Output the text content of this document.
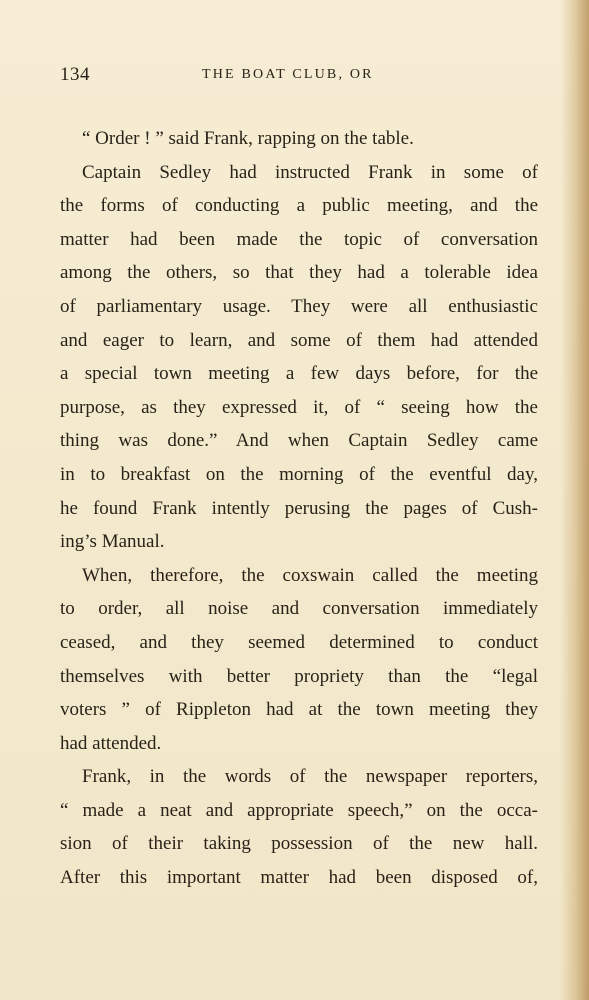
134	THE BOAT CLUB, OR
“ Order ! ” said Frank, rapping on the table.
Captain Sedley had instructed Frank in some of
the forms of conducting a public meeting, and the
matter had been made the topic of conversation
among the others, so that they had a tolerable idea
of parliamentary usage. They were all enthusiastic
and eager to learn, and some of them had attended
a special town meeting a few days before, for the
purpose, as they expressed it, of “ seeing how the
thing was done.” And when Captain Sedley came
in to breakfast on the morning of the eventful day,
he found Frank intently perusing the pages of Cush-
ing’s Manual.
When, therefore, the coxswain called the meeting
to order, all noise and conversation immediately
ceased, and they seemed determined to conduct
themselves with better propriety than the “legal
voters ” of Rippleton had at the town meeting they
had attended.
Frank, in the words of the newspaper reporters,
“ made a neat and appropriate speech,” on the occa-
sion of their taking possession of the new hall.
After this important matter had been disposed of,
